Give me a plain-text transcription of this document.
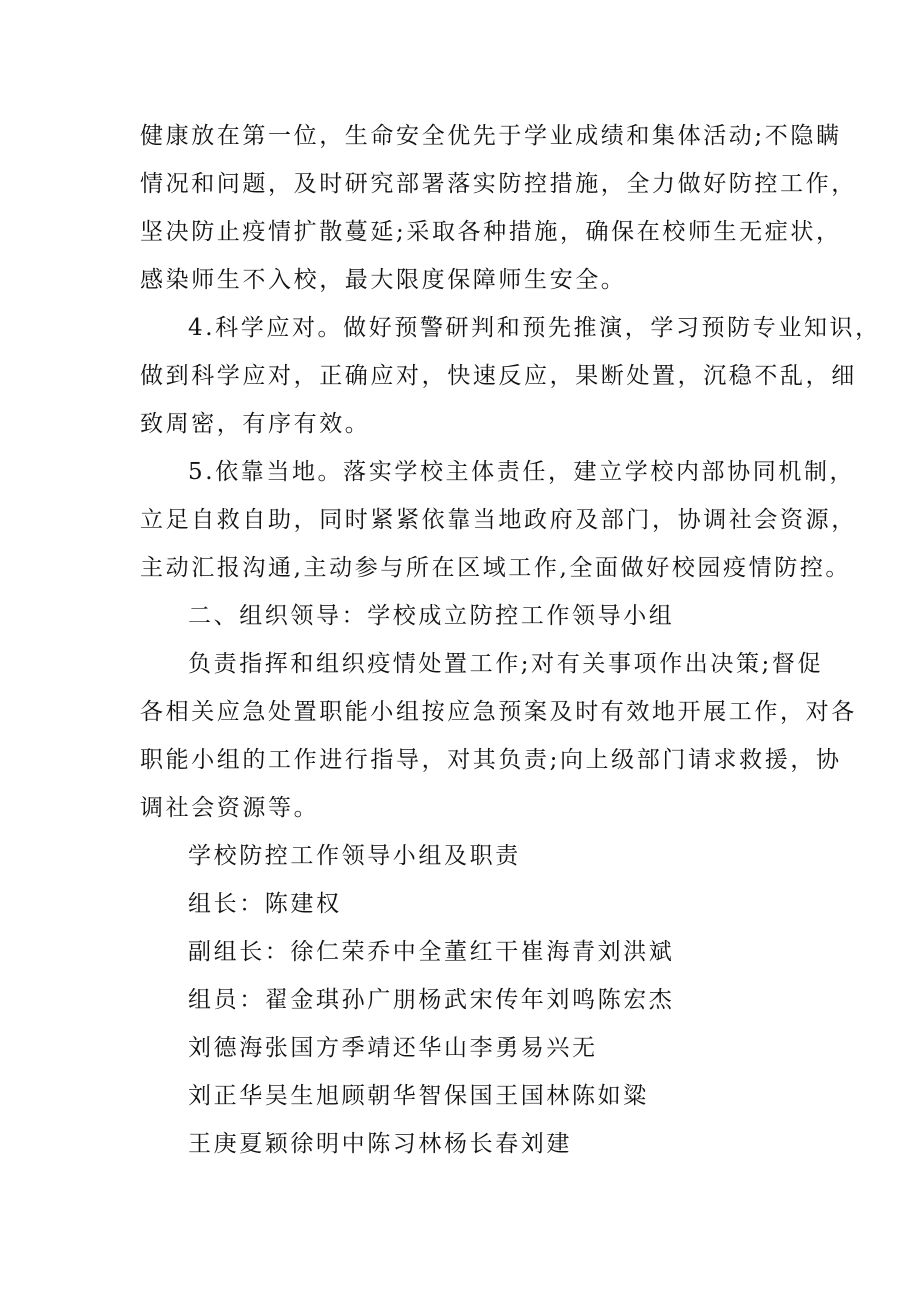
健康放在第一位，生命安全优先于学业成绩和集体活动;不隐瞒
情况和问题，及时研究部署落实防控措施，全力做好防控工作，
坚决防止疫情扩散蔓延;采取各种措施，确保在校师生无症状，
感染师生不入校，最大限度保障师生安全。
4.科学应对。做好预警研判和预先推演，学习预防专业知识，
做到科学应对，正确应对，快速反应，果断处置，沉稳不乱，细
致周密，有序有效。
5.依靠当地。落实学校主体责任，建立学校内部协同机制，
立足自救自助，同时紧紧依靠当地政府及部门，协调社会资源，
主动汇报沟通,主动参与所在区域工作,全面做好校园疫情防控。
二、组织领导：学校成立防控工作领导小组
负责指挥和组织疫情处置工作;对有关事项作出决策;督促
各相关应急处置职能小组按应急预案及时有效地开展工作，对各
职能小组的工作进行指导，对其负责;向上级部门请求救援，协
调社会资源等。
学校防控工作领导小组及职责
组长：陈建权
副组长：徐仁荣乔中全董红干崔海青刘洪斌
组员：翟金琪孙广朋杨武宋传年刘鸣陈宏杰
刘德海张国方季靖还华山李勇易兴无
刘正华吴生旭顾朝华智保国王国林陈如粱
王庚夏颖徐明中陈习林杨长春刘建
